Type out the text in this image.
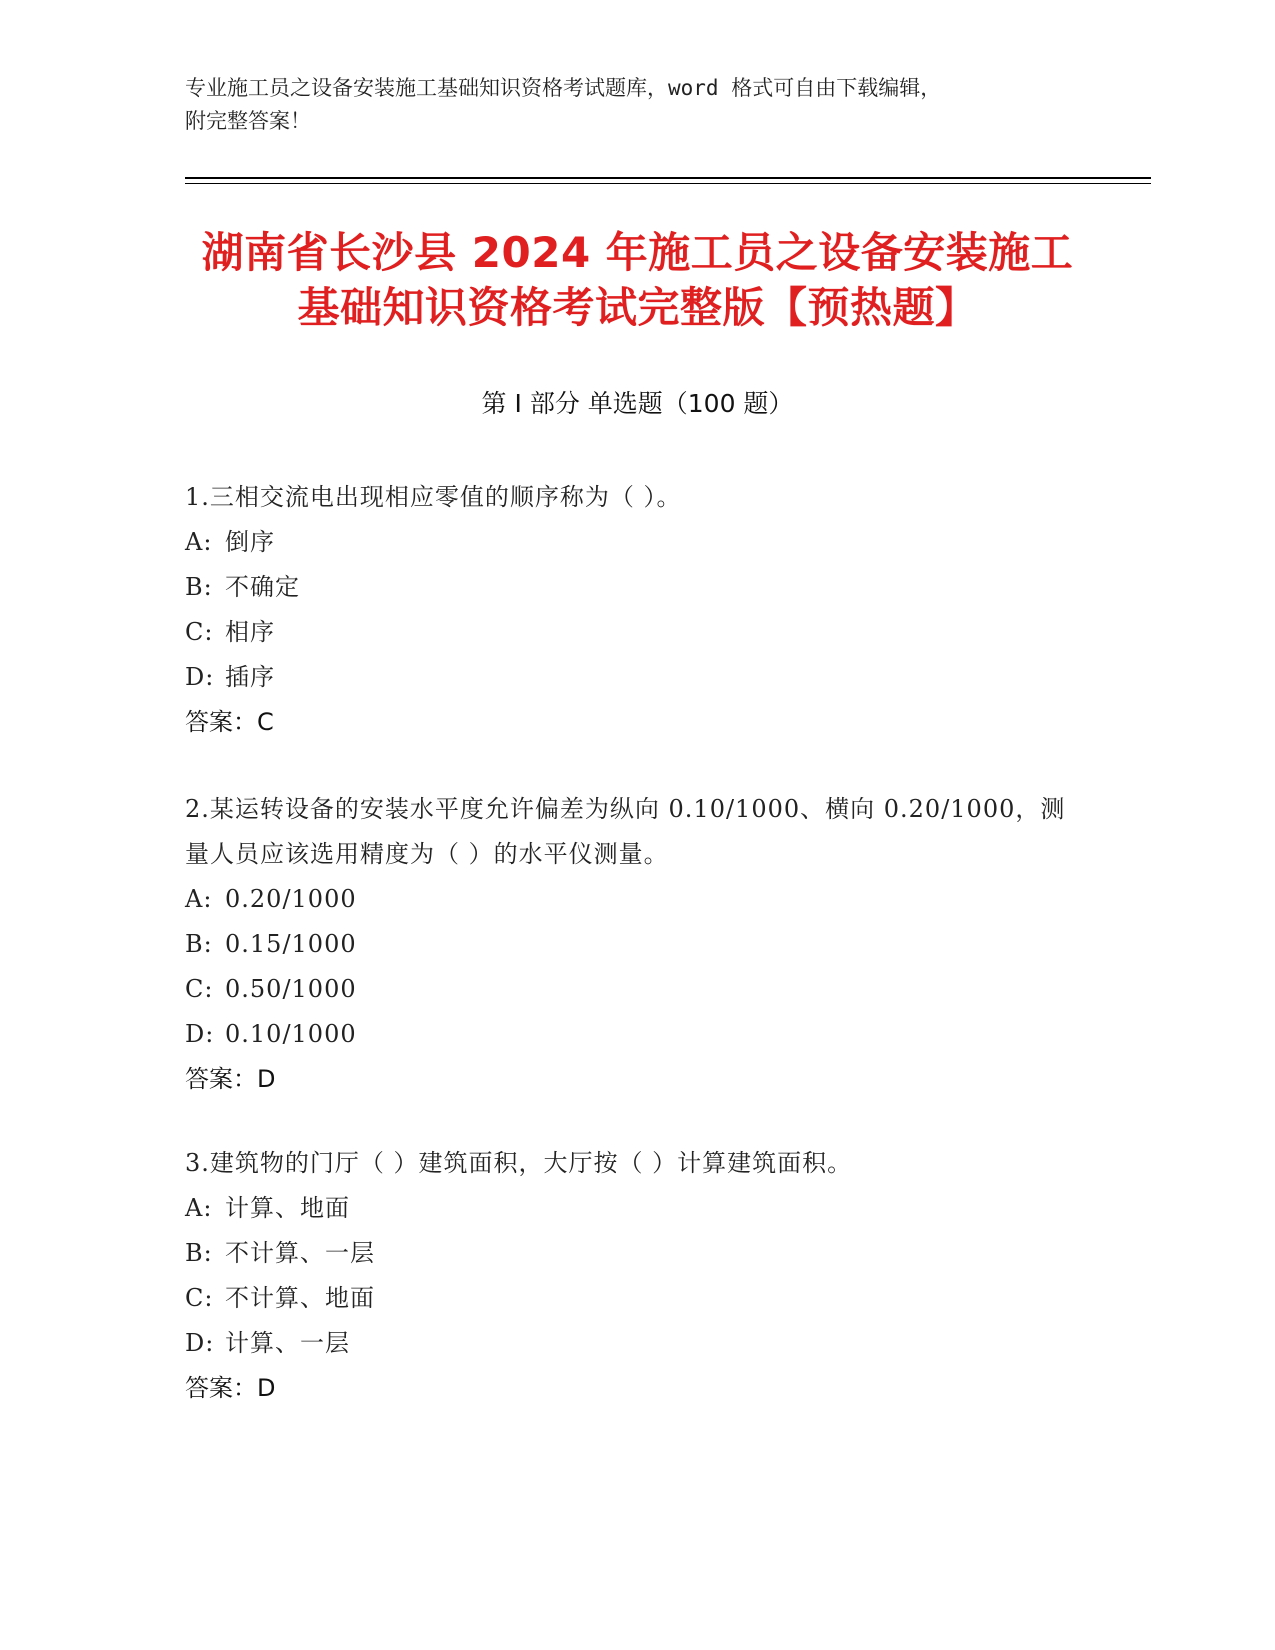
专业施工员之设备安装施工基础知识资格考试题库，word 格式可自由下载编辑，
附完整答案！
湖南省长沙县 2024 年施工员之设备安装施工
基础知识资格考试完整版【预热题】
第 I 部分 单选题（100 题）
1.三相交流电出现相应零值的顺序称为（ ）。
A: 倒序
B: 不确定
C: 相序
D: 插序
答案：C
2.某运转设备的安装水平度允许偏差为纵向 0.10/1000、横向 0.20/1000，测量人员应该选用精度为（ ）的水平仪测量。
A: 0.20/1000
B: 0.15/1000
C: 0.50/1000
D: 0.10/1000
答案：D
3.建筑物的门厅（ ）建筑面积，大厅按（ ）计算建筑面积。
A: 计算、地面
B: 不计算、一层
C: 不计算、地面
D: 计算、一层
答案：D
